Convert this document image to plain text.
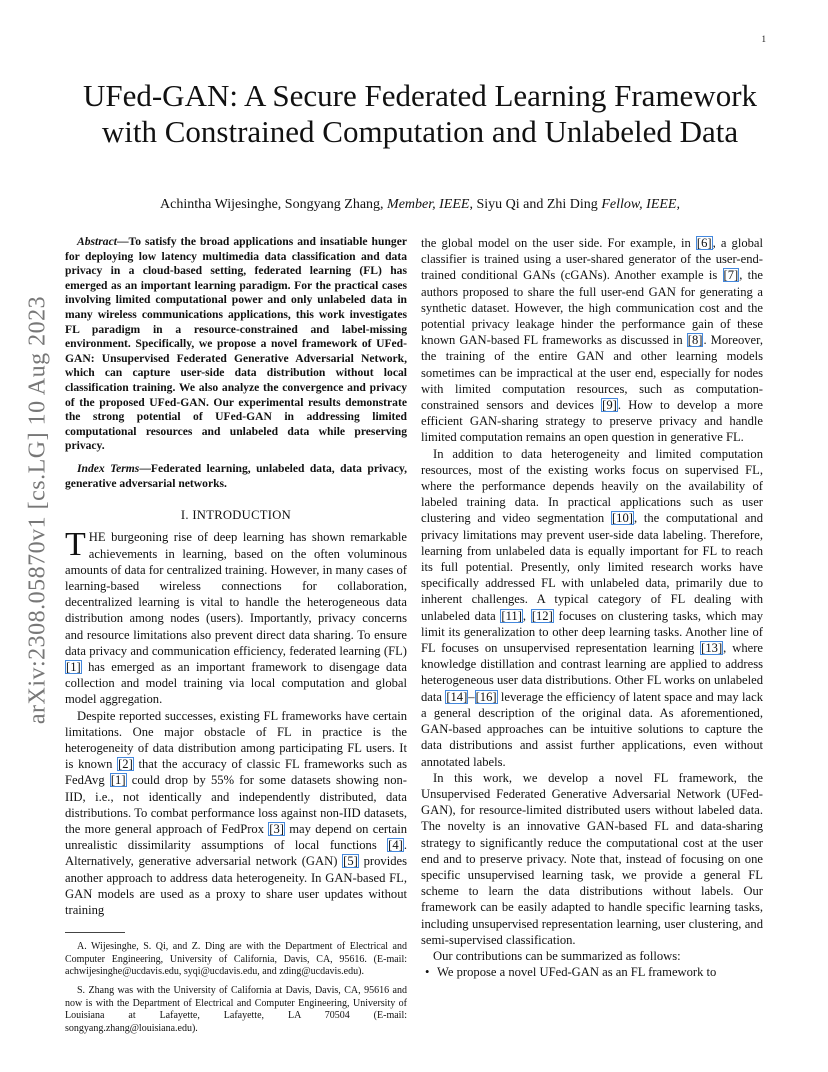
1
arXiv:2308.05870v1 [cs.LG] 10 Aug 2023
UFed-GAN: A Secure Federated Learning Framework with Constrained Computation and Unlabeled Data
Achintha Wijesinghe, Songyang Zhang, Member, IEEE, Siyu Qi and Zhi Ding Fellow, IEEE,

Abstract—To satisfy the broad applications and insatiable hunger for deploying low latency multimedia data classification and data privacy in a cloud-based setting, federated learning (FL) has emerged as an important learning paradigm. For the practical cases involving limited computational power and only unlabeled data in many wireless communications applications, this work investigates FL paradigm in a resource-constrained and label-missing environment. Specifically, we propose a novel framework of UFed-GAN: Unsupervised Federated Generative Adversarial Network, which can capture user-side data distribution without local classification training. We also analyze the convergence and privacy of the proposed UFed-GAN. Our experimental results demonstrate the strong potential of UFed-GAN in addressing limited computational resources and unlabeled data while preserving privacy.

Index Terms—Federated learning, unlabeled data, data privacy, generative adversarial networks.

I. INTRODUCTION

THE burgeoning rise of deep learning has shown remarkable achievements in learning, based on the often voluminous amounts of data for centralized training. However, in many cases of learning-based wireless connections for collaboration, decentralized learning is vital to handle the heterogeneous data distribution among nodes (users). Importantly, privacy concerns and resource limitations also prevent direct data sharing. To ensure data privacy and communication efficiency, federated learning (FL) [1] has emerged as an important framework to disengage data collection and model training via local computation and global model aggregation.

Despite reported successes, existing FL frameworks have certain limitations. One major obstacle of FL in practice is the heterogeneity of data distribution among participating FL users. It is known [2] that the accuracy of classic FL frameworks such as FedAvg [1] could drop by 55% for some datasets showing non-IID, i.e., not identically and independently distributed, data distributions. To combat performance loss against non-IID datasets, the more general approach of FedProx [3] may depend on certain unrealistic dissimilarity assumptions of local functions [4]. Alternatively, generative adversarial network (GAN) [5] provides another approach to address data heterogeneity. In GAN-based FL, GAN models are used as a proxy to share user updates without training

A. Wijesinghe, S. Qi, and Z. Ding are with the Department of Electrical and Computer Engineering, University of California, Davis, CA, 95616. (E-mail: achwijesinghe@ucdavis.edu, syqi@ucdavis.edu, and zding@ucdavis.edu).

S. Zhang was with the University of California at Davis, Davis, CA, 95616 and now is with the Department of Electrical and Computer Engineering, University of Louisiana at Lafayette, Lafayette, LA 70504 (E-mail: songyang.zhang@louisiana.edu).

the global model on the user side. For example, in [6], a global classifier is trained using a user-shared generator of the user-end-trained conditional GANs (cGANs). Another example is [7], the authors proposed to share the full user-end GAN for generating a synthetic dataset. However, the high communication cost and the potential privacy leakage hinder the performance gain of these known GAN-based FL frameworks as discussed in [8]. Moreover, the training of the entire GAN and other learning models sometimes can be impractical at the user end, especially for nodes with limited computation resources, such as computation-constrained sensors and devices [9]. How to develop a more efficient GAN-sharing strategy to preserve privacy and handle limited computation remains an open question in generative FL.

In addition to data heterogeneity and limited computation resources, most of the existing works focus on supervised FL, where the performance depends heavily on the availability of labeled training data. In practical applications such as user clustering and video segmentation [10], the computational and privacy limitations may prevent user-side data labeling. Therefore, learning from unlabeled data is equally important for FL to reach its full potential. Presently, only limited research works have specifically addressed FL with unlabeled data, primarily due to inherent challenges. A typical category of FL dealing with unlabeled data [11], [12] focuses on clustering tasks, which may limit its generalization to other deep learning tasks. Another line of FL focuses on unsupervised representation learning [13], where knowledge distillation and contrast learning are applied to address heterogeneous user data distributions. Other FL works on unlabeled data [14]–[16] leverage the efficiency of latent space and may lack a general description of the original data. As aforementioned, GAN-based approaches can be intuitive solutions to capture the data distributions and assist further applications, even without annotated labels.

In this work, we develop a novel FL framework, the Unsupervised Federated Generative Adversarial Network (UFed-GAN), for resource-limited distributed users without labeled data. The novelty is an innovative GAN-based FL and data-sharing strategy to significantly reduce the computational cost at the user end and to preserve privacy. Note that, instead of focusing on one specific unsupervised learning task, we provide a general FL scheme to learn the data distributions without labels. Our framework can be easily adapted to handle specific learning tasks, including unsupervised representation learning, user clustering, and semi-supervised classification.

Our contributions can be summarized as follows:

• We propose a novel UFed-GAN as an FL framework to
